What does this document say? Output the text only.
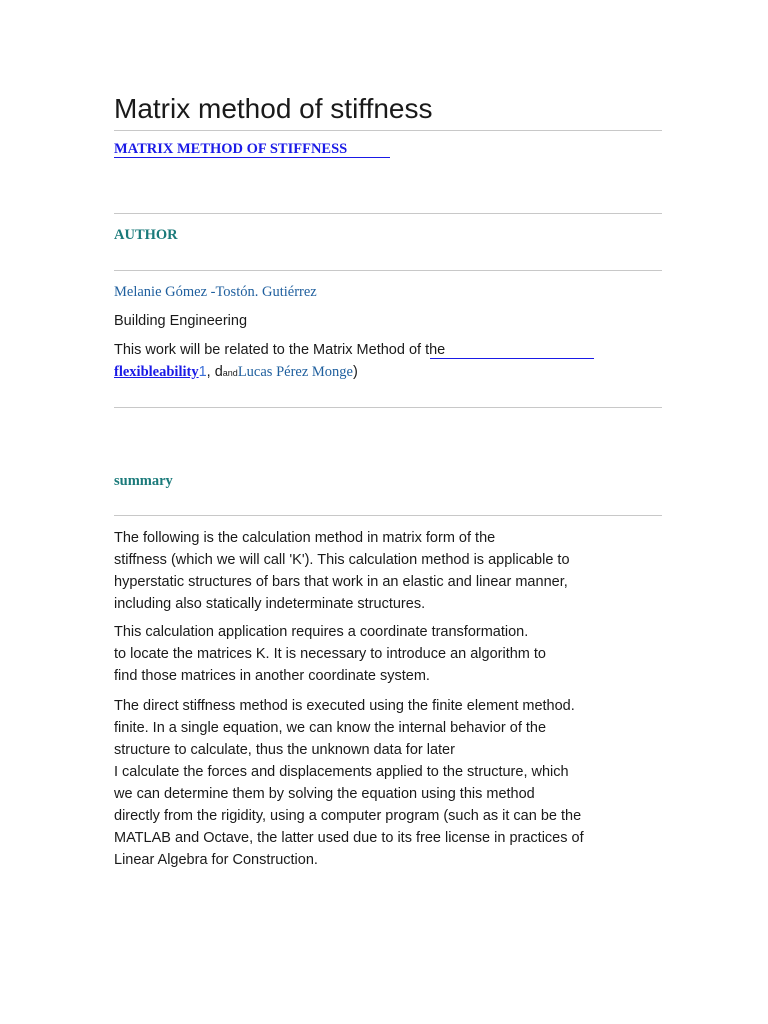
Matrix method of stiffness
MATRIX METHOD OF STIFFNESS
AUTHOR
Melanie Gómez -Tostón. Gutiérrez
Building Engineering
This work will be related to the Matrix Method of the
flexibleability1, dandLucas Pérez Monge)
summary
The following is the calculation method in matrix form of the
stiffness (which we will call 'K'). This calculation method is applicable to
hyperstatic structures of bars that work in an elastic and linear manner,
including also statically indeterminate structures.
This calculation application requires a coordinate transformation.
to locate the matrices K. It is necessary to introduce an algorithm to
find those matrices in another coordinate system.
The direct stiffness method is executed using the finite element method.
finite. In a single equation, we can know the internal behavior of the
structure to calculate, thus the unknown data for later
I calculate the forces and displacements applied to the structure, which
we can determine them by solving the equation using this method
directly from the rigidity, using a computer program (such as it can be the
MATLAB and Octave, the latter used due to its free license in practices of
Linear Algebra for Construction.
